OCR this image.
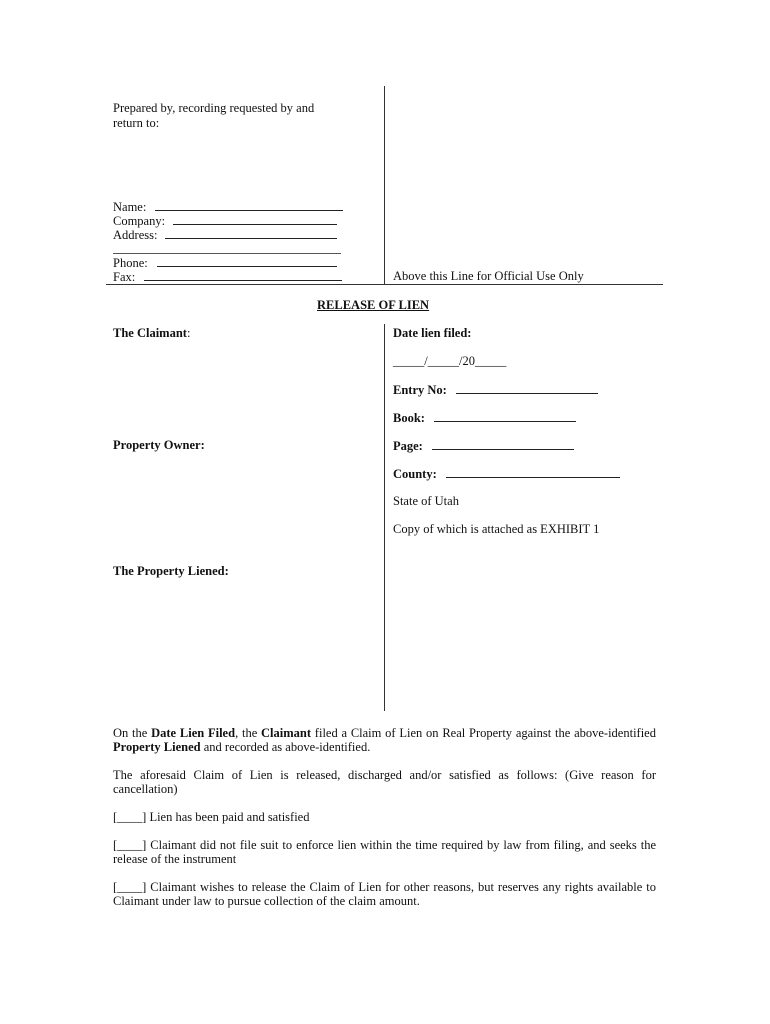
Prepared by, recording requested by and
return to:
Name:
Company:
Address:
Phone:
Fax:	Above this Line for Official Use Only
RELEASE OF LIEN
The Claimant:
Property Owner:
The Property Liened:
Date lien filed:
_____/_____/20_____
Entry No:
Book:
Page:
County:
State of Utah
Copy of which is attached as EXHIBIT 1
On the Date Lien Filed, the Claimant filed a Claim of Lien on Real Property against the above-identified Property Liened and recorded as above-identified.
The aforesaid Claim of Lien is released, discharged and/or satisfied as follows: (Give reason for cancellation)
[____] Lien has been paid and satisfied
[____] Claimant did not file suit to enforce lien within the time required by law from filing, and seeks the release of the instrument
[____] Claimant wishes to release the Claim of Lien for other reasons, but reserves any rights available to Claimant under law to pursue collection of the claim amount.
